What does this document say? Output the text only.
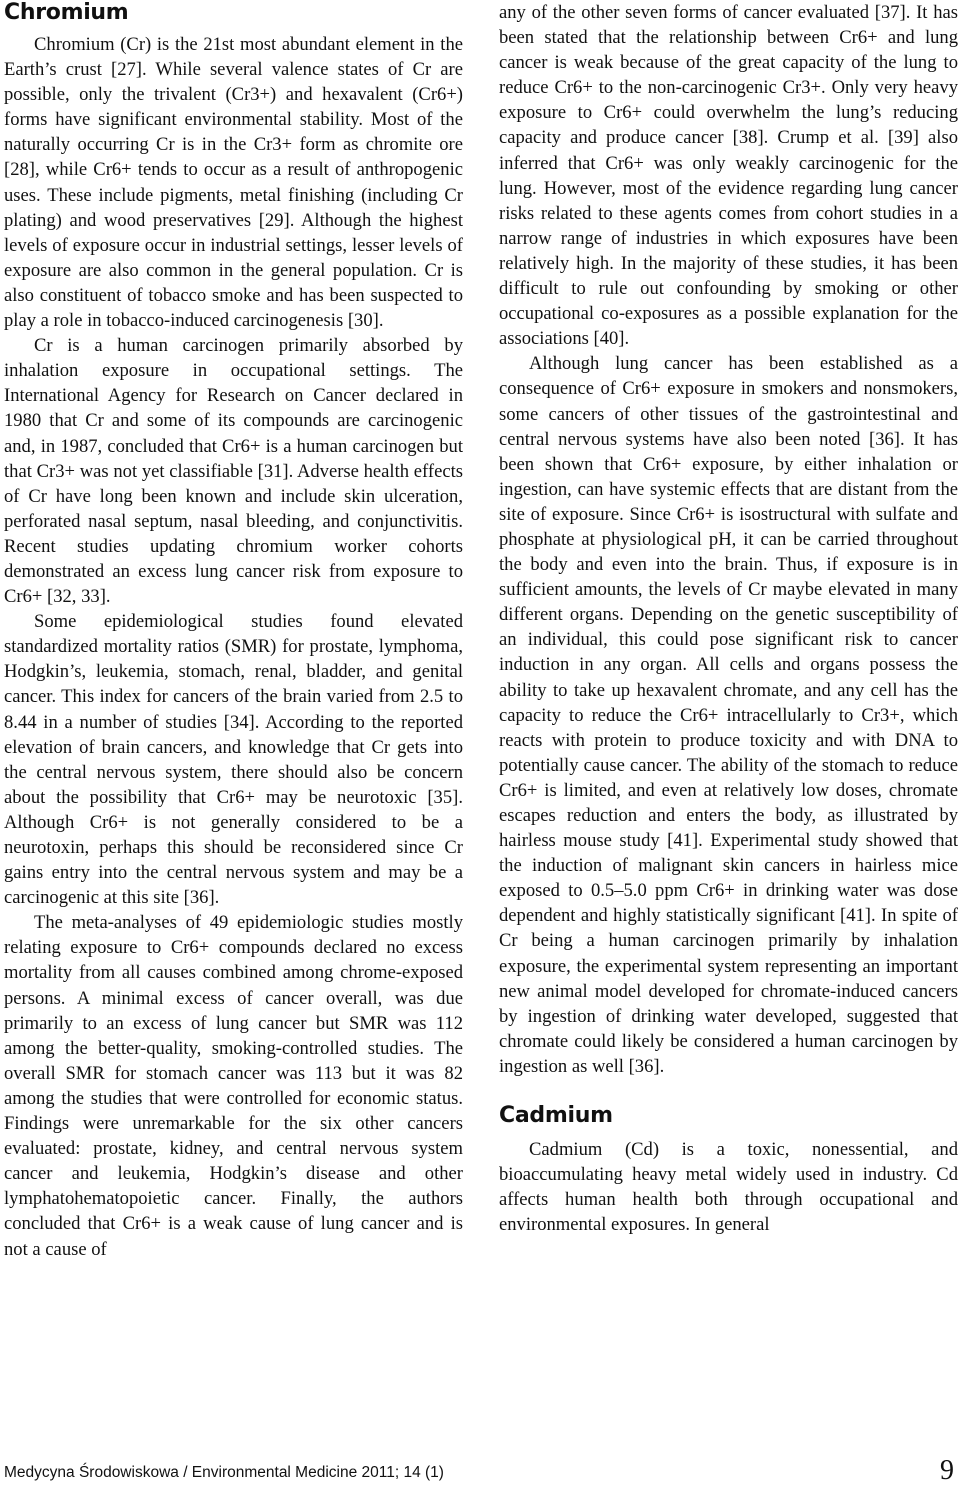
Chromium

Chromium (Cr) is the 21st most abundant element in the Earth’s crust [27]. While several valence states of Cr are possible, only the trivalent (Cr3+) and hexavalent (Cr6+) forms have significant environmental stability. Most of the naturally occurring Cr is in the Cr3+ form as chromite ore [28], while Cr6+ tends to occur as a result of anthropogenic uses. These include pigments, metal finishing (including Cr plating) and wood preservatives [29]. Although the highest levels of exposure occur in industrial settings, lesser levels of exposure are also common in the general population. Cr is also constituent of tobacco smoke and has been suspected to play a role in tobacco-induced carcinogenesis [30].

Cr is a human carcinogen primarily absorbed by inhalation exposure in occupational settings. The International Agency for Research on Cancer declared in 1980 that Cr and some of its compounds are carcinogenic and, in 1987, concluded that Cr6+ is a human carcinogen but that Cr3+ was not yet classifiable [31]. Adverse health effects of Cr have long been known and include skin ulceration, perforated nasal septum, nasal bleeding, and conjunctivitis. Recent studies updating chromium worker cohorts demonstrated an excess lung cancer risk from exposure to Cr6+ [32, 33].

Some epidemiological studies found elevated standardized mortality ratios (SMR) for prostate, lymphoma, Hodgkin’s, leukemia, stomach, renal, bladder, and genital cancer. This index for cancers of the brain varied from 2.5 to 8.44 in a number of studies [34]. According to the reported elevation of brain cancers, and knowledge that Cr gets into the central nervous system, there should also be concern about the possibility that Cr6+ may be neurotoxic [35]. Although Cr6+ is not generally considered to be a neurotoxin, perhaps this should be reconsidered since Cr gains entry into the central nervous system and may be a carcinogenic at this site [36].

The meta-analyses of 49 epidemiologic studies mostly relating exposure to Cr6+ compounds declared no excess mortality from all causes combined among chrome-exposed persons. A minimal excess of cancer overall, was due primarily to an excess of lung cancer but SMR was 112 among the better-quality, smoking-controlled studies. The overall SMR for stomach cancer was 113 but it was 82 among the studies that were controlled for economic status. Findings were unremarkable for the six other cancers evaluated: prostate, kidney, and central nervous system cancer and leukemia, Hodgkin’s disease and other lymphatohematopoietic cancer. Finally, the authors concluded that Cr6+ is a weak cause of lung cancer and is not a cause of

any of the other seven forms of cancer evaluated [37]. It has been stated that the relationship between Cr6+ and lung cancer is weak because of the great capacity of the lung to reduce Cr6+ to the non-carcinogenic Cr3+. Only very heavy exposure to Cr6+ could overwhelm the lung’s reducing capacity and produce cancer [38]. Crump et al. [39] also inferred that Cr6+ was only weakly carcinogenic for the lung. However, most of the evidence regarding lung cancer risks related to these agents comes from cohort studies in a narrow range of industries in which exposures have been relatively high. In the majority of these studies, it has been difficult to rule out confounding by smoking or other occupational co-exposures as a possible explanation for the associations [40].

Although lung cancer has been established as a consequence of Cr6+ exposure in smokers and nonsmokers, some cancers of other tissues of the gastrointestinal and central nervous systems have also been noted [36]. It has been shown that Cr6+ exposure, by either inhalation or ingestion, can have systemic effects that are distant from the site of exposure. Since Cr6+ is isostructural with sulfate and phosphate at physiological pH, it can be carried throughout the body and even into the brain. Thus, if exposure is in sufficient amounts, the levels of Cr maybe elevated in many different organs. Depending on the genetic susceptibility of an individual, this could pose significant risk to cancer induction in any organ. All cells and organs possess the ability to take up hexavalent chromate, and any cell has the capacity to reduce the Cr6+ intracellularly to Cr3+, which reacts with protein to produce toxicity and with DNA to potentially cause cancer. The ability of the stomach to reduce Cr6+ is limited, and even at relatively low doses, chromate escapes reduction and enters the body, as illustrated by hairless mouse study [41]. Experimental study showed that the induction of malignant skin cancers in hairless mice exposed to 0.5–5.0 ppm Cr6+ in drinking water was dose dependent and highly statistically significant [41]. In spite of Cr being a human carcinogen primarily by inhalation exposure, the experimental system representing an important new animal model developed for chromate-induced cancers by ingestion of drinking water developed, suggested that chromate could likely be considered a human carcinogen by ingestion as well [36].

Cadmium

Cadmium (Cd) is a toxic, nonessential, and bioaccumulating heavy metal widely used in industry. Cd affects human health both through occupational and environmental exposures. In general

Medycyna Środowiskowa / Environmental Medicine 2011; 14 (1)	9
